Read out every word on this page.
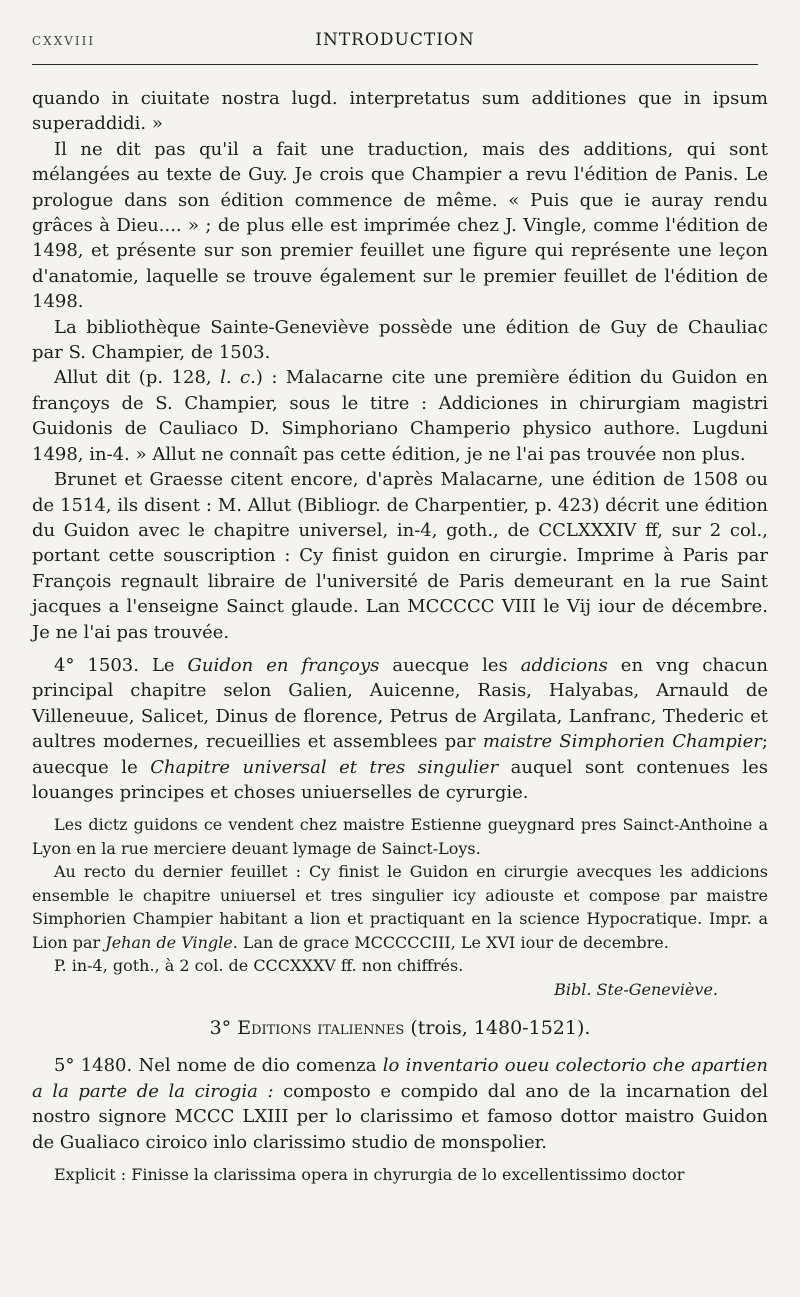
CXXVIII	INTRODUCTION

quando in ciuitate nostra lugd. interpretatus sum additiones que in ipsum superaddidi. »

Il ne dit pas qu'il a fait une traduction, mais des additions, qui sont mélangées au texte de Guy. Je crois que Champier a revu l'édition de Panis. Le prologue dans son édition commence de même. « Puis que ie auray rendu grâces à Dieu.... » ; de plus elle est imprimée chez J. Vingle, comme l'édition de 1498, et présente sur son premier feuillet une figure qui représente une leçon d'anatomie, laquelle se trouve également sur le premier feuillet de l'édition de 1498.

La bibliothèque Sainte-Geneviève possède une édition de Guy de Chauliac par S. Champier, de 1503.

Allut dit (p. 128, l. c.) : Malacarne cite une première édition du Guidon en françoys de S. Champier, sous le titre : Addiciones in chirurgiam magistri Guidonis de Cauliaco D. Simphoriano Champerio physico authore. Lugduni 1498, in-4. » Allut ne connaît pas cette édition, je ne l'ai pas trouvée non plus.

Brunet et Graesse citent encore, d'après Malacarne, une édition de 1508 ou de 1514, ils disent : M. Allut (Bibliogr. de Charpentier, p. 423) décrit une édition du Guidon avec le chapitre universel, in-4, goth., de CCLXXXIV ff, sur 2 col., portant cette souscription : Cy finist guidon en cirurgie. Imprime à Paris par François regnault libraire de l'université de Paris demeurant en la rue Saint jacques a l'enseigne Sainct glaude. Lan MCCCCC VIII le Vij iour de décembre. Je ne l'ai pas trouvée.

4° 1503. Le Guidon en françoys auecque les addicions en vng chacun principal chapitre selon Galien, Auicenne, Rasis, Halyabas, Arnauld de Villeneuue, Salicet, Dinus de florence, Petrus de Argilata, Lanfranc, Thederic et aultres modernes, recueillies et assemblees par maistre Simphorien Champier; auecque le Chapitre universal et tres singulier auquel sont contenues les louanges principes et choses uniuerselles de cyrurgie.

Les dictz guidons ce vendent chez maistre Estienne gueygnard pres Sainct-Anthoine a Lyon en la rue merciere deuant lymage de Sainct-Loys.

Au recto du dernier feuillet : Cy finist le Guidon en cirurgie avecques les addicions ensemble le chapitre uniuersel et tres singulier icy adiouste et compose par maistre Simphorien Champier habitant a lion et practiquant en la science Hypocratique. Impr. a Lion par Jehan de Vingle. Lan de grace MCCCCCIII, Le XVI iour de decembre.

P. in-4, goth., à 2 col. de CCCXXXV ff. non chiffrés.

Bibl. Ste-Geneviève.

3° Editions italiennes (trois, 1480-1521).

5° 1480. Nel nome de dio comenza lo inventario oueu colectorio che apartien a la parte de la cirogia : composto e compido dal ano de la incarnation del nostro signore MCCC LXIII per lo clarissimo et famoso dottor maistro Guidon de Gualiaco ciroico inlo clarissimo studio de monspolier.

Explicit : Finisse la clarissima opera in chyrurgia de lo excellentissimo doctor
